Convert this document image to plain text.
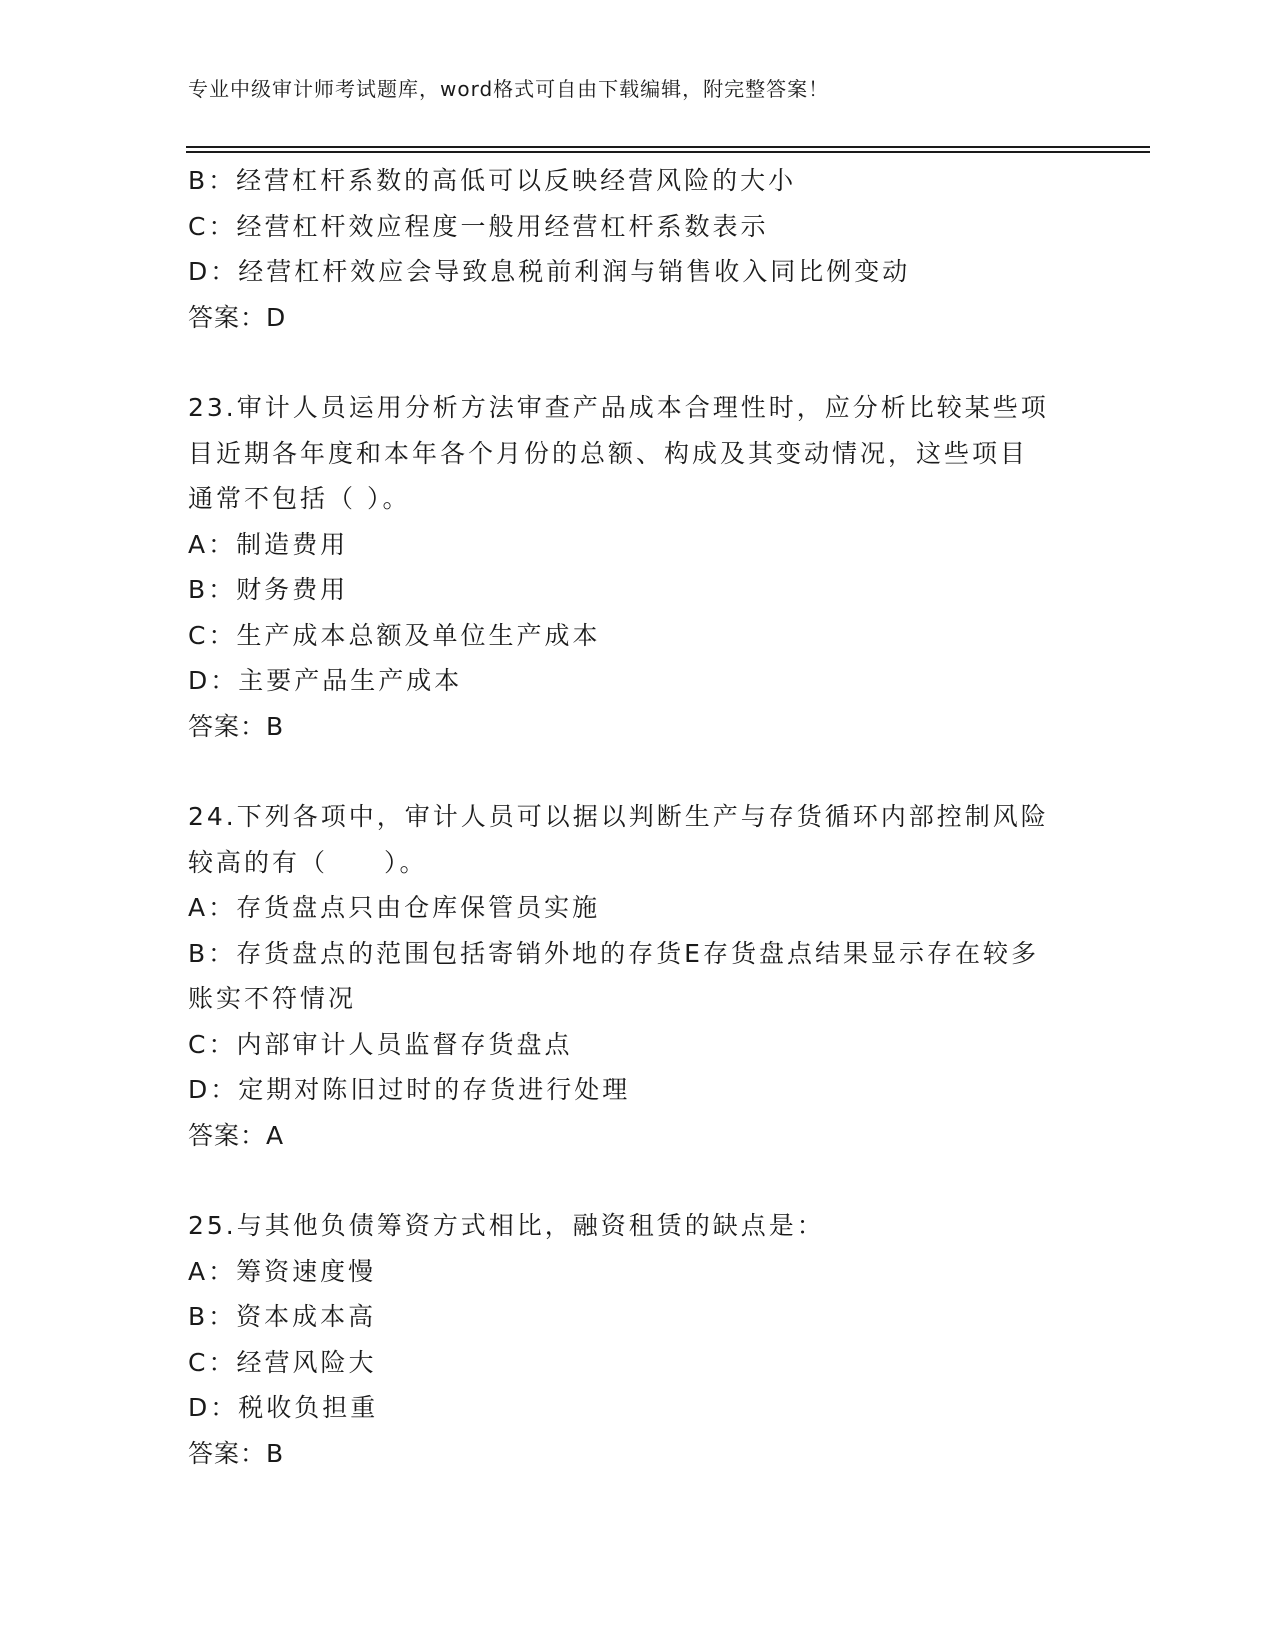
专业中级审计师考试题库，word格式可自由下载编辑，附完整答案！
B：经营杠杆系数的高低可以反映经营风险的大小
C：经营杠杆效应程度一般用经营杠杆系数表示
D：经营杠杆效应会导致息税前利润与销售收入同比例变动
答案：D
23.审计人员运用分析方法审查产品成本合理性时，应分析比较某些项
目近期各年度和本年各个月份的总额、构成及其变动情况，这些项目
通常不包括（ ）。
A：制造费用
B：财务费用
C：生产成本总额及单位生产成本
D：主要产品生产成本
答案：B
24.下列各项中，审计人员可以据以判断生产与存货循环内部控制风险
较高的有（　　）。
A：存货盘点只由仓库保管员实施
B：存货盘点的范围包括寄销外地的存货E存货盘点结果显示存在较多
账实不符情况
C：内部审计人员监督存货盘点
D：定期对陈旧过时的存货进行处理
答案：A
25.与其他负债筹资方式相比，融资租赁的缺点是：
A：筹资速度慢
B：资本成本高
C：经营风险大
D：税收负担重
答案：B
